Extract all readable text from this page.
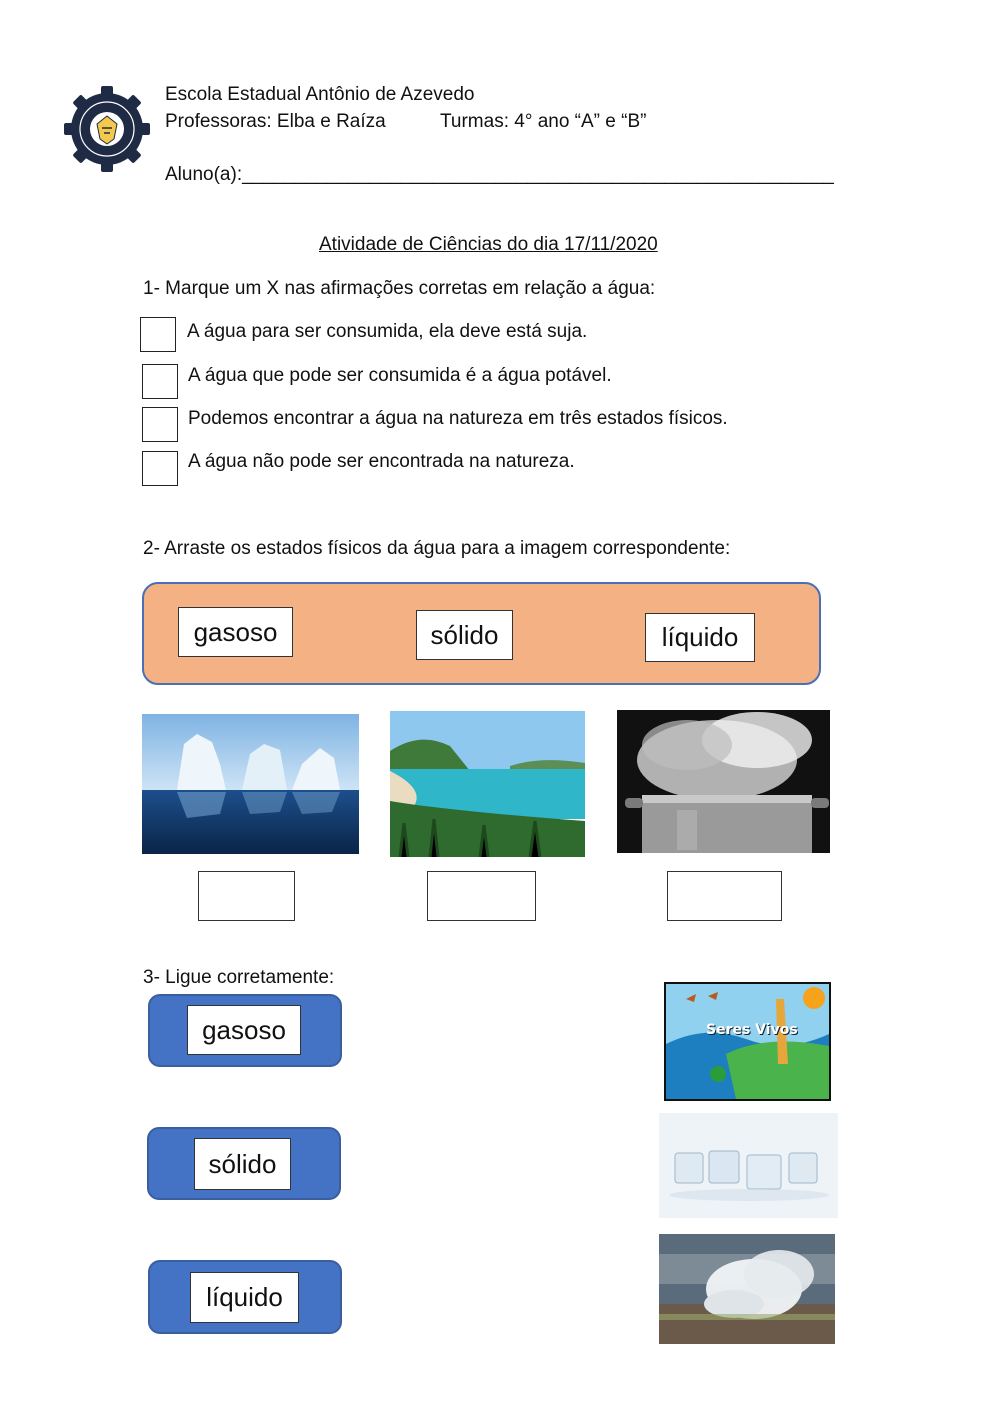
Escola Estadual Antônio de Azevedo
Professoras: Elba e Raíza	Turmas: 4° ano “A” e “B”
Aluno(a):________________________________________________________
Atividade de Ciências do dia 17/11/2020
1- Marque um X nas afirmações corretas em relação a água:
A água para ser consumida, ela deve está suja.
A água que pode ser consumida é a água potável.
Podemos encontrar a água na natureza em três estados físicos.
A água não pode ser encontrada na natureza.
2- Arraste os estados físicos da água para a imagem correspondente:
gasoso	sólido	líquido
3- Ligue corretamente:
gasoso
sólido
líquido
Seres Vivos
